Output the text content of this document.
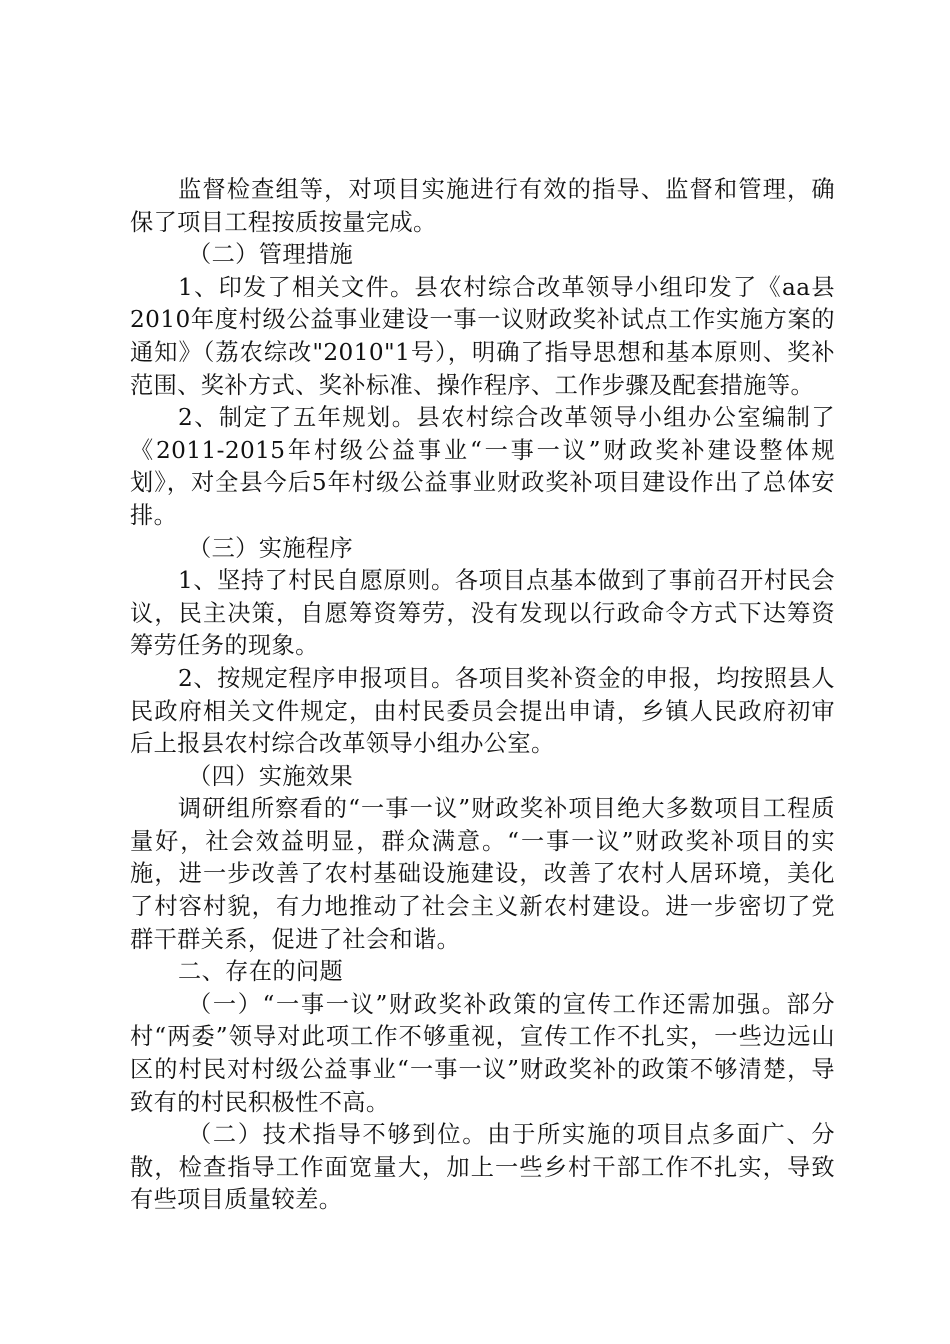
监督检查组等，对项目实施进行有效的指导、监督和管理，确保了项目工程按质按量完成。

（二）管理措施

1、印发了相关文件。县农村综合改革领导小组印发了《aa县2010年度村级公益事业建设一事一议财政奖补试点工作实施方案的通知》（荔农综改"2010"1号），明确了指导思想和基本原则、奖补范围、奖补方式、奖补标准、操作程序、工作步骤及配套措施等。

2、制定了五年规划。县农村综合改革领导小组办公室编制了《2011-2015年村级公益事业“一事一议”财政奖补建设整体规划》，对全县今后5年村级公益事业财政奖补项目建设作出了总体安排。

（三）实施程序

1、坚持了村民自愿原则。各项目点基本做到了事前召开村民会议，民主决策，自愿筹资筹劳，没有发现以行政命令方式下达筹资筹劳任务的现象。

2、按规定程序申报项目。各项目奖补资金的申报，均按照县人民政府相关文件规定，由村民委员会提出申请，乡镇人民政府初审后上报县农村综合改革领导小组办公室。

（四）实施效果

调研组所察看的“一事一议”财政奖补项目绝大多数项目工程质量好，社会效益明显，群众满意。“一事一议”财政奖补项目的实施，进一步改善了农村基础设施建设，改善了农村人居环境，美化了村容村貌，有力地推动了社会主义新农村建设。进一步密切了党群干群关系，促进了社会和谐。

二、存在的问题

（一）“一事一议”财政奖补政策的宣传工作还需加强。部分村“两委”领导对此项工作不够重视，宣传工作不扎实，一些边远山区的村民对村级公益事业“一事一议”财政奖补的政策不够清楚，导致有的村民积极性不高。

（二）技术指导不够到位。由于所实施的项目点多面广、分散，检查指导工作面宽量大，加上一些乡村干部工作不扎实，导致有些项目质量较差。
